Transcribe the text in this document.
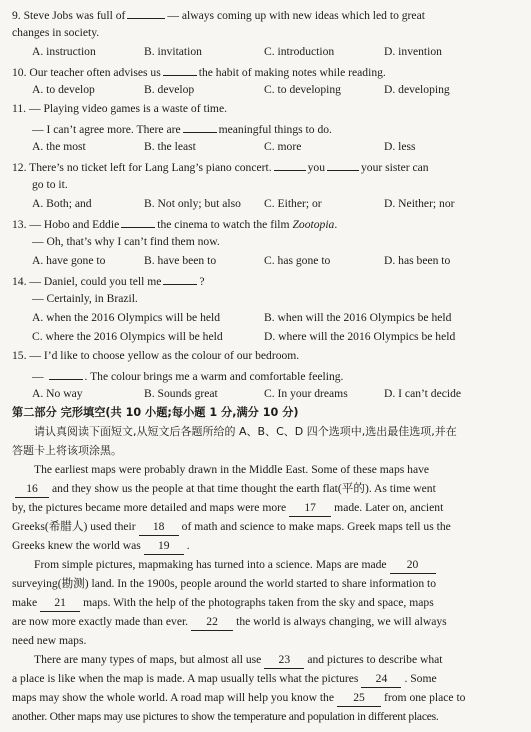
9. Steve Jobs was full of	— always coming up with new ideas which led to great
changes in society.
A. instruction	B. invitation	C. introduction	D. invention
10. Our teacher often advises us	the habit of making notes while reading.
A. to develop	B. develop	C. to developing	D. developing
11. — Playing video games is a waste of time.
— I can’t agree more. There are	meaningful things to do.
A. the most	B. the least	C. more	D. less
12. There’s no ticket left for Lang Lang’s piano concert.	you	your sister can
go to it.
A. Both; and	B. Not only; but also	C. Either; or	D. Neither; nor
13. — Hobo and Eddie	the cinema to watch the film Zootopia.
— Oh, that’s why I can’t find them now.
A. have gone to	B. have been to	C. has gone to	D. has been to
14. — Daniel, could you tell me	?
— Certainly, in Brazil.
A. when the 2016 Olympics will be held	B. when will the 2016 Olympics be held
C. where the 2016 Olympics will be held	D. where will the 2016 Olympics be held
15. — I’d like to choose yellow as the colour of our bedroom.
—	. The colour brings me a warm and comfortable feeling.
A. No way	B. Sounds great	C. In your dreams	D. I can’t decide
第二部分 完形填空(共 10 小题;每小题 1 分,满分 10 分)
请认真阅读下面短文,从短文后各题所给的 A、B、C、D 四个选项中,选出最佳选项,并在
答题卡上将该项涂黑。
The earliest maps were probably drawn in the Middle East. Some of these maps have
16 and they show us the people at that time thought the earth flat(平的). As time went
by, the pictures became more detailed and maps were more 17 made. Later on, ancient
Greeks(希腊人) used their 18 of math and science to make maps. Greek maps tell us the
Greeks knew the world was 19 .
From simple pictures, mapmaking has turned into a science. Maps are made 20
surveying(勘测) land. In the 1900s, people around the world started to share information to
make 21 maps. With the help of the photographs taken from the sky and space, maps
are now more exactly made than ever. 22 the world is always changing, we will always
need new maps.
There are many types of maps, but almost all use 23 and pictures to describe what
a place is like when the map is made. A map usually tells what the pictures 24 . Some
maps may show the whole world. A road map will help you know the 25 from one place to
another. Other maps may use pictures to show the temperature and population in different places.
